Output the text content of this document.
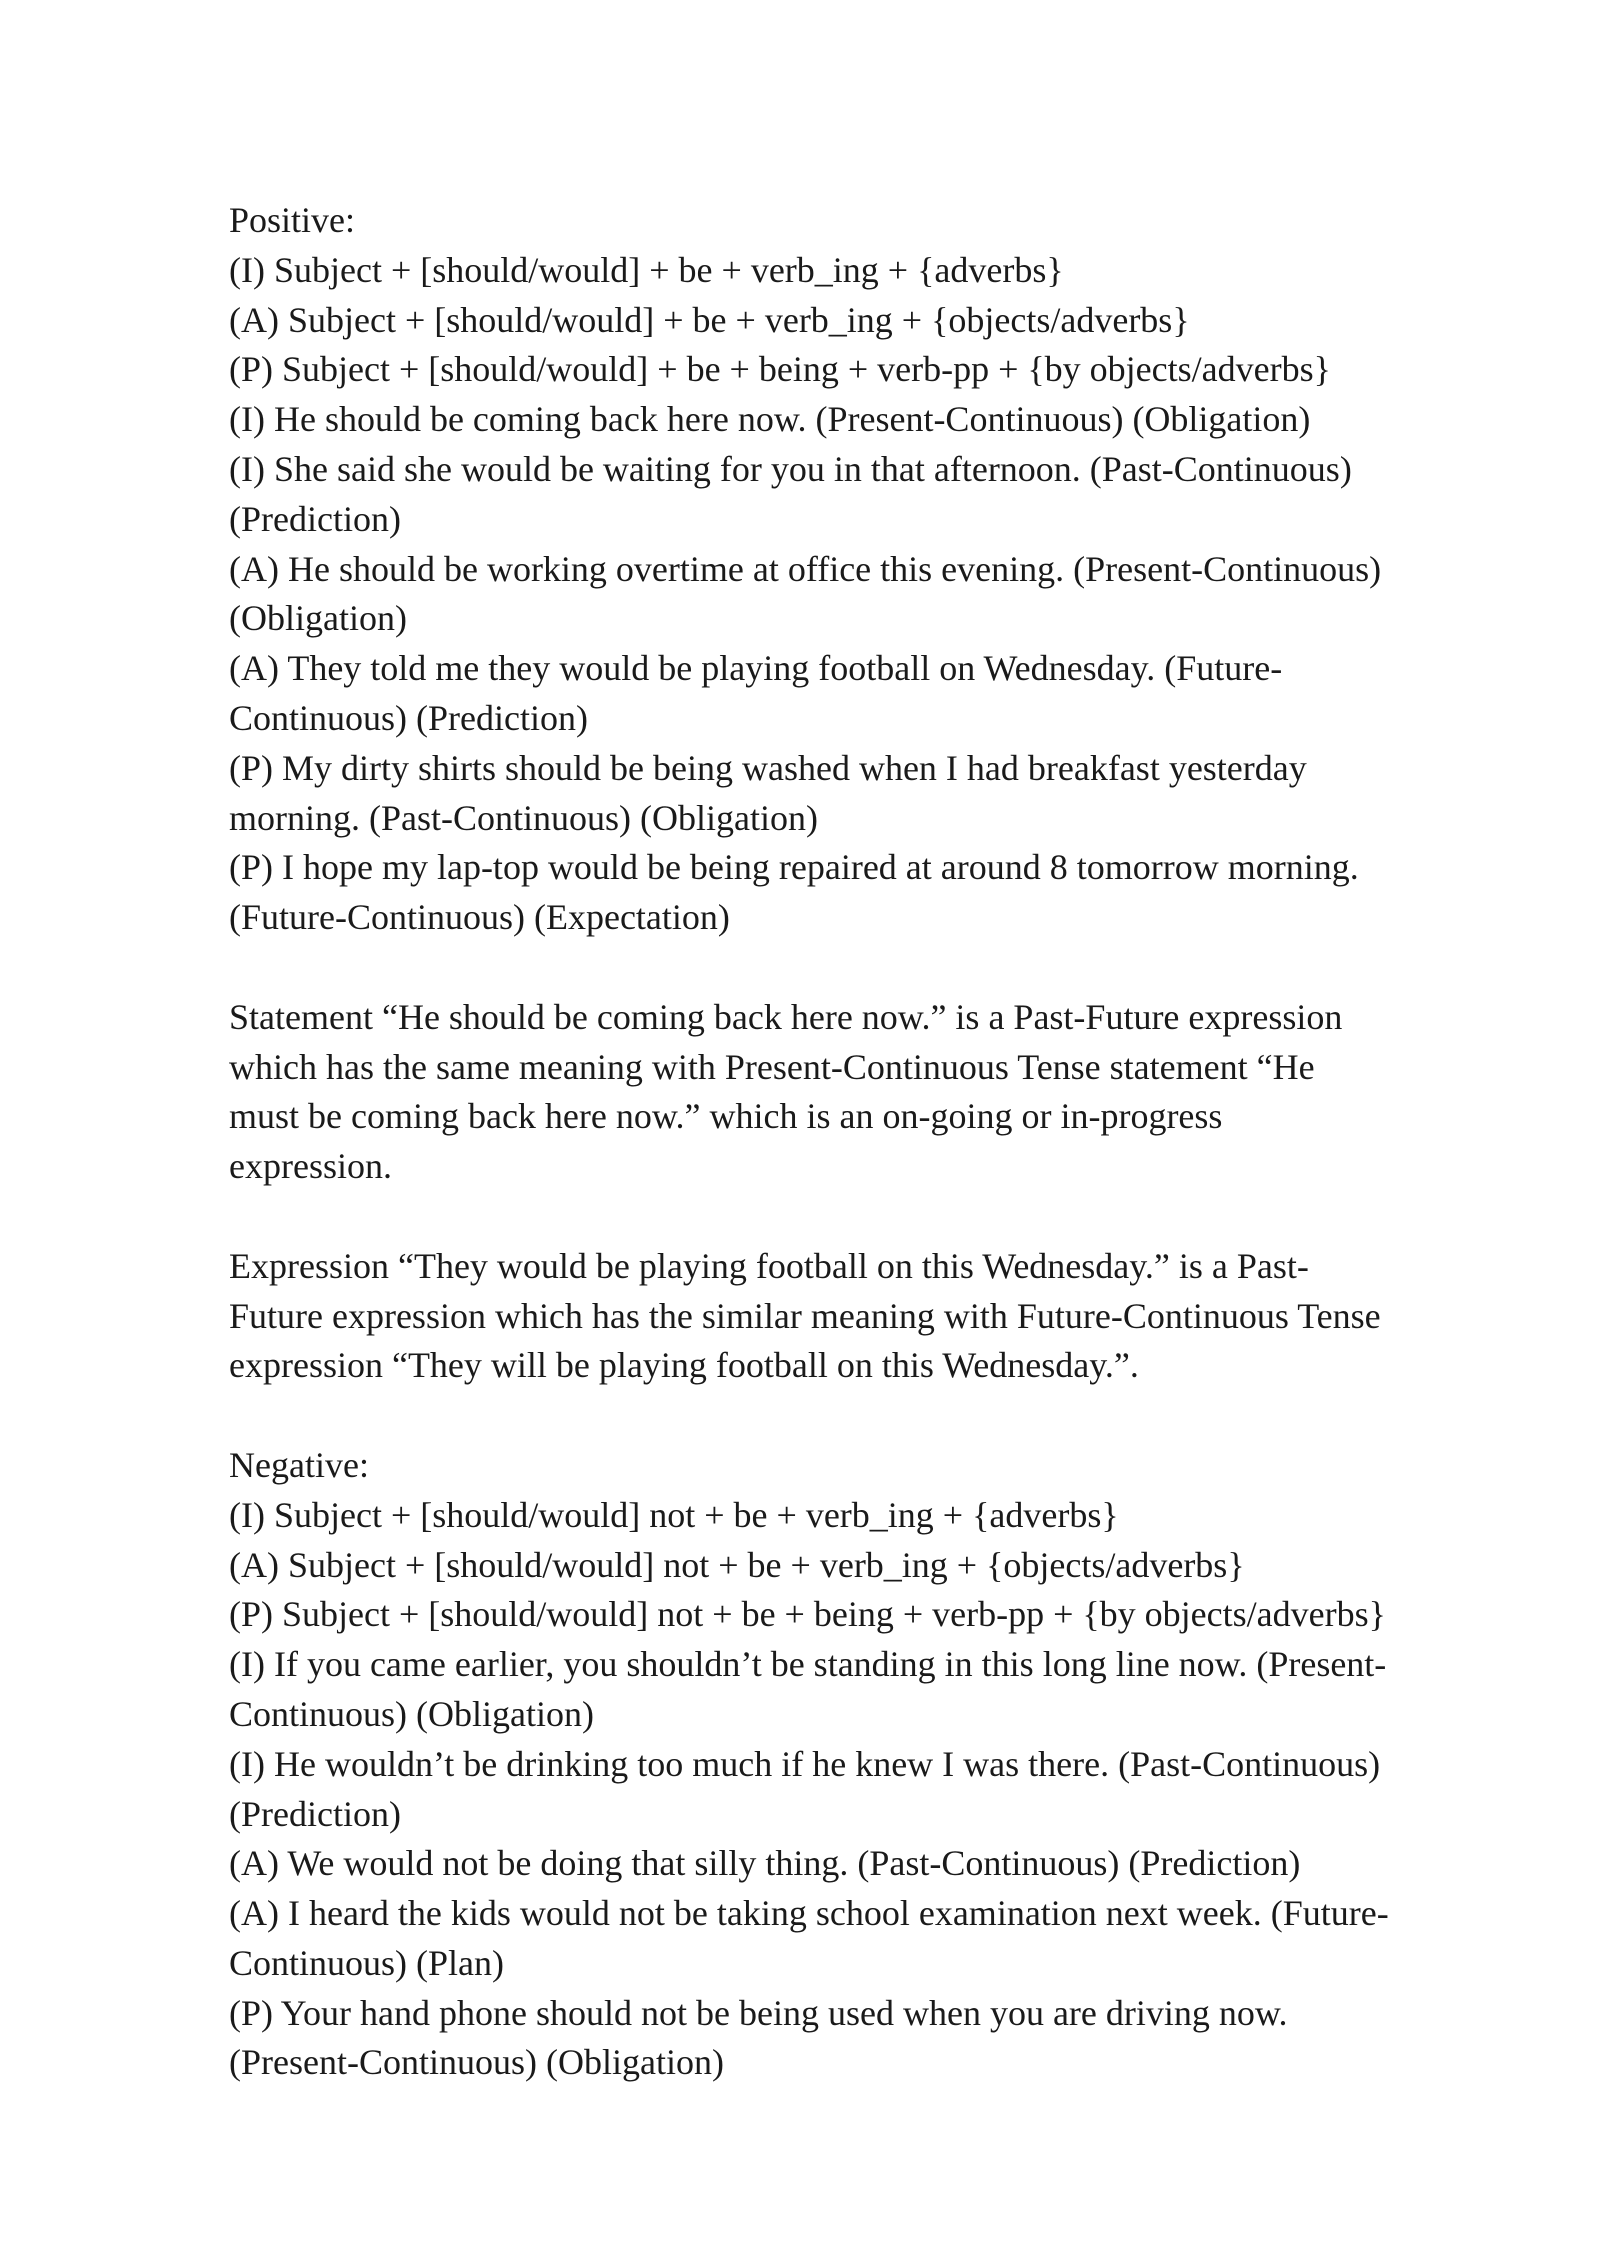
Positive:
(I) Subject + [should/would] + be + verb_ing + {adverbs}
(A) Subject + [should/would] + be + verb_ing + {objects/adverbs}
(P) Subject + [should/would] + be + being + verb-pp + {by objects/adverbs}
(I) He should be coming back here now. (Present-Continuous) (Obligation)
(I) She said she would be waiting for you in that afternoon. (Past-Continuous)
(Prediction)
(A) He should be working overtime at office this evening. (Present-Continuous)
(Obligation)
(A) They told me they would be playing football on Wednesday. (Future-
Continuous) (Prediction)
(P) My dirty shirts should be being washed when I had breakfast yesterday
morning. (Past-Continuous) (Obligation)
(P) I hope my lap-top would be being repaired at around 8 tomorrow morning.
(Future-Continuous) (Expectation)
Statement “He should be coming back here now.” is a Past-Future expression
which has the same meaning with Present-Continuous Tense statement “He
must be coming back here now.” which is an on-going or in-progress
expression.
Expression “They would be playing football on this Wednesday.” is a Past-
Future expression which has the similar meaning with Future-Continuous Tense
expression “They will be playing football on this Wednesday.”.
Negative:
(I) Subject + [should/would] not + be + verb_ing + {adverbs}
(A) Subject + [should/would] not + be + verb_ing + {objects/adverbs}
(P) Subject + [should/would] not + be + being + verb-pp + {by objects/adverbs}
(I) If you came earlier, you shouldn’t be standing in this long line now. (Present-
Continuous) (Obligation)
(I) He wouldn’t be drinking too much if he knew I was there. (Past-Continuous)
(Prediction)
(A) We would not be doing that silly thing. (Past-Continuous) (Prediction)
(A) I heard the kids would not be taking school examination next week. (Future-
Continuous) (Plan)
(P) Your hand phone should not be being used when you are driving now.
(Present-Continuous) (Obligation)
